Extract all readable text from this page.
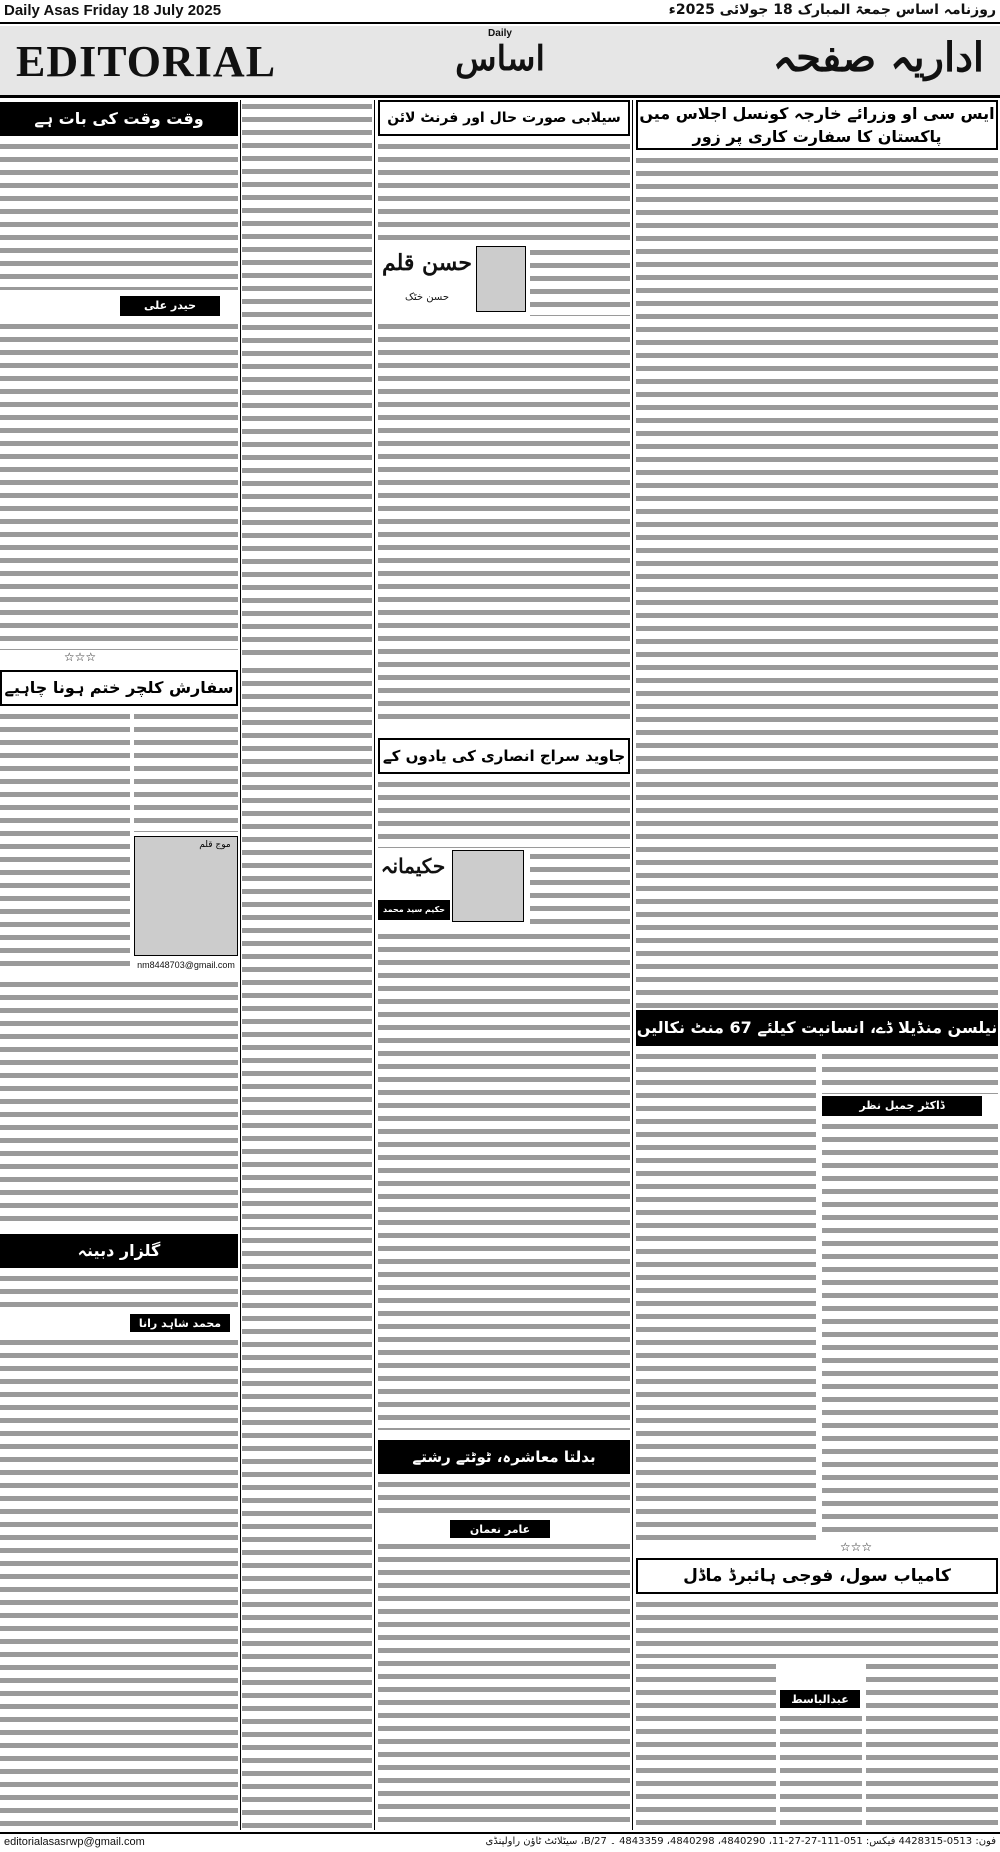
Daily Asas Friday 18 July 2025	روزنامہ اساس جمعۃ المبارک 18 جولائی 2025ء
EDITORIAL	اداریہ صفحہ
Daily
اساس
ایس سی او وزرائے خارجہ کونسل اجلاس میں پاکستان کا سفارت کاری پر زور
نیلسن منڈیلا ڈے، انسانیت کیلئے 67 منٹ نکالیں
ڈاکٹر جمیل نظر
☆☆☆
کامیاب سول، فوجی ہائبرڈ ماڈل
عبدالباسط
سیلابی صورت حال اور فرنٹ لائن
حسن قلم
حسن خٹک
جاوید سراج انصاری کی یادوں کے
حکیمانہ
حکیم سید محمد
بدلتا معاشرہ، ٹوٹتے رشتے
عامر نعمان
وقت وقت کی بات ہے
حیدر علی
☆☆☆
سفارش کلچر ختم ہونا چاہیے
موج قلم
nm8448703@gmail.com
گلزار دبینہ
محمد شاہد رانا
editorialasasrwp@gmail.com	فون: 0513-4428315 فیکس: 051-111-27-27-11، 4840290، 4840298، 4843359 ۔ 27/B، سیٹلائٹ ٹاؤن راولپنڈی
